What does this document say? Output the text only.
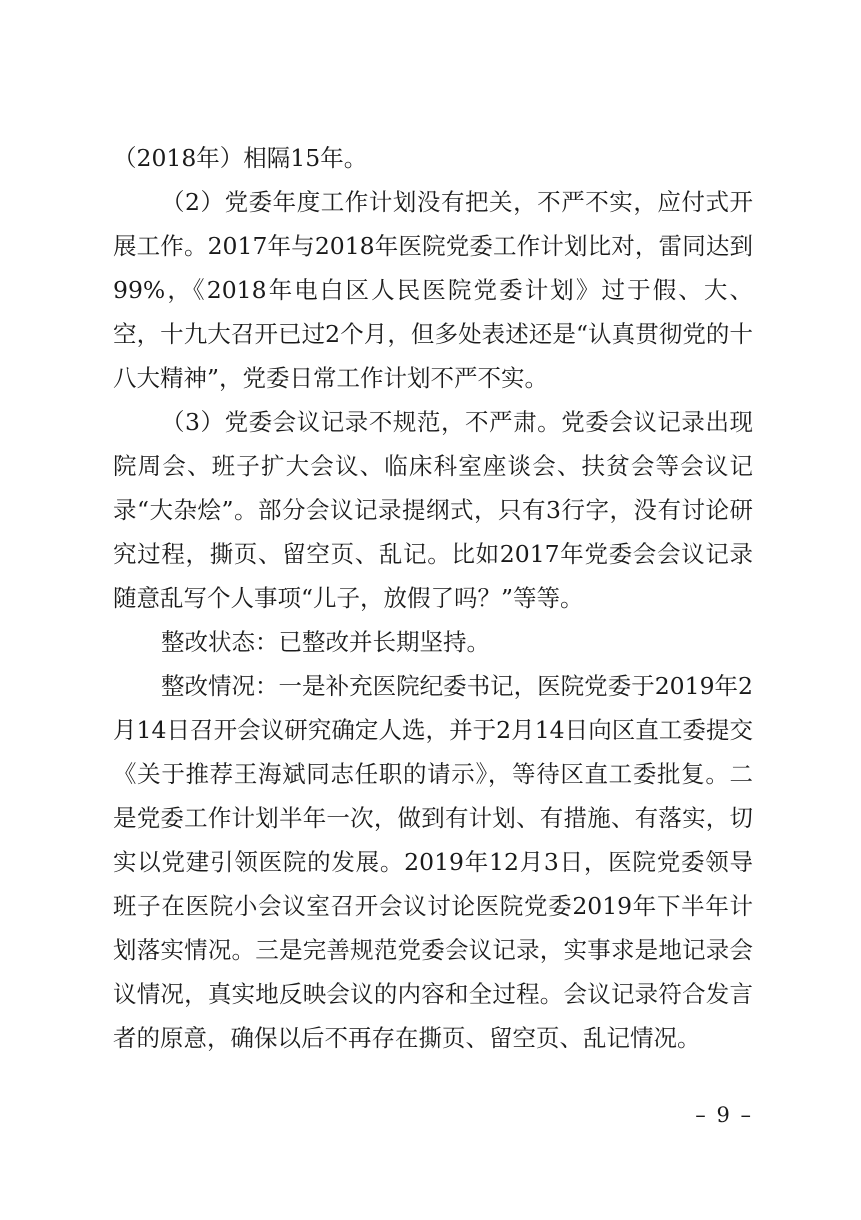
（2018年）相隔15年。

（2）党委年度工作计划没有把关，不严不实，应付式开展工作。2017年与2018年医院党委工作计划比对，雷同达到99%，《2018年电白区人民医院党委计划》过于假、大、空，十九大召开已过2个月，但多处表述还是“认真贯彻党的十八大精神”，党委日常工作计划不严不实。

（3）党委会议记录不规范，不严肃。党委会议记录出现院周会、班子扩大会议、临床科室座谈会、扶贫会等会议记录“大杂烩”。部分会议记录提纲式，只有3行字，没有讨论研究过程，撕页、留空页、乱记。比如2017年党委会会议记录随意乱写个人事项“儿子，放假了吗？”等等。

整改状态：已整改并长期坚持。

整改情况：一是补充医院纪委书记，医院党委于2019年2月14日召开会议研究确定人选，并于2月14日向区直工委提交《关于推荐王海斌同志任职的请示》，等待区直工委批复。二是党委工作计划半年一次，做到有计划、有措施、有落实，切实以党建引领医院的发展。2019年12月3日，医院党委领导班子在医院小会议室召开会议讨论医院党委2019年下半年计划落实情况。三是完善规范党委会议记录，实事求是地记录会议情况，真实地反映会议的内容和全过程。会议记录符合发言者的原意，确保以后不再存在撕页、留空页、乱记情况。

– 9 –
